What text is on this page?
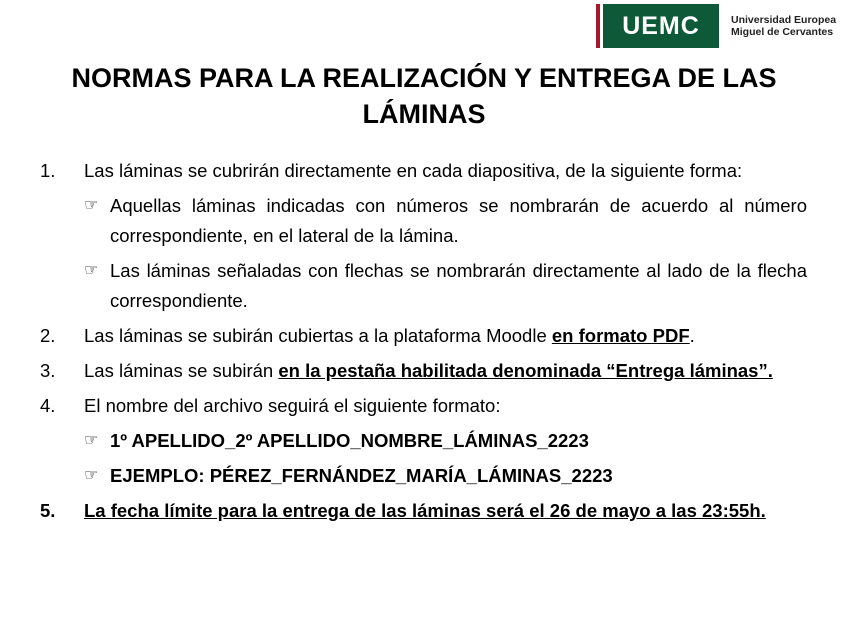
UEMC	Universidad Europea
Miguel de Cervantes
NORMAS PARA LA REALIZACIÓN Y ENTREGA DE LAS
LÁMINAS
1.	Las láminas se cubrirán directamente en cada diapositiva, de la siguiente forma:
☞ Aquellas láminas indicadas con números se nombrarán de acuerdo al número correspondiente, en el lateral de la lámina.
☞ Las láminas señaladas con flechas se nombrarán directamente al lado de la flecha correspondiente.
2.	Las láminas se subirán cubiertas a la plataforma Moodle en formato PDF.
3.	Las láminas se subirán en la pestaña habilitada denominada “Entrega láminas”.
4.	El nombre del archivo seguirá el siguiente formato:
☞ 1º APELLIDO_2º APELLIDO_NOMBRE_LÁMINAS_2223
☞ EJEMPLO: PÉREZ_FERNÁNDEZ_MARÍA_LÁMINAS_2223
5.	La fecha límite para la entrega de las láminas será el 26 de mayo a las 23:55h.
